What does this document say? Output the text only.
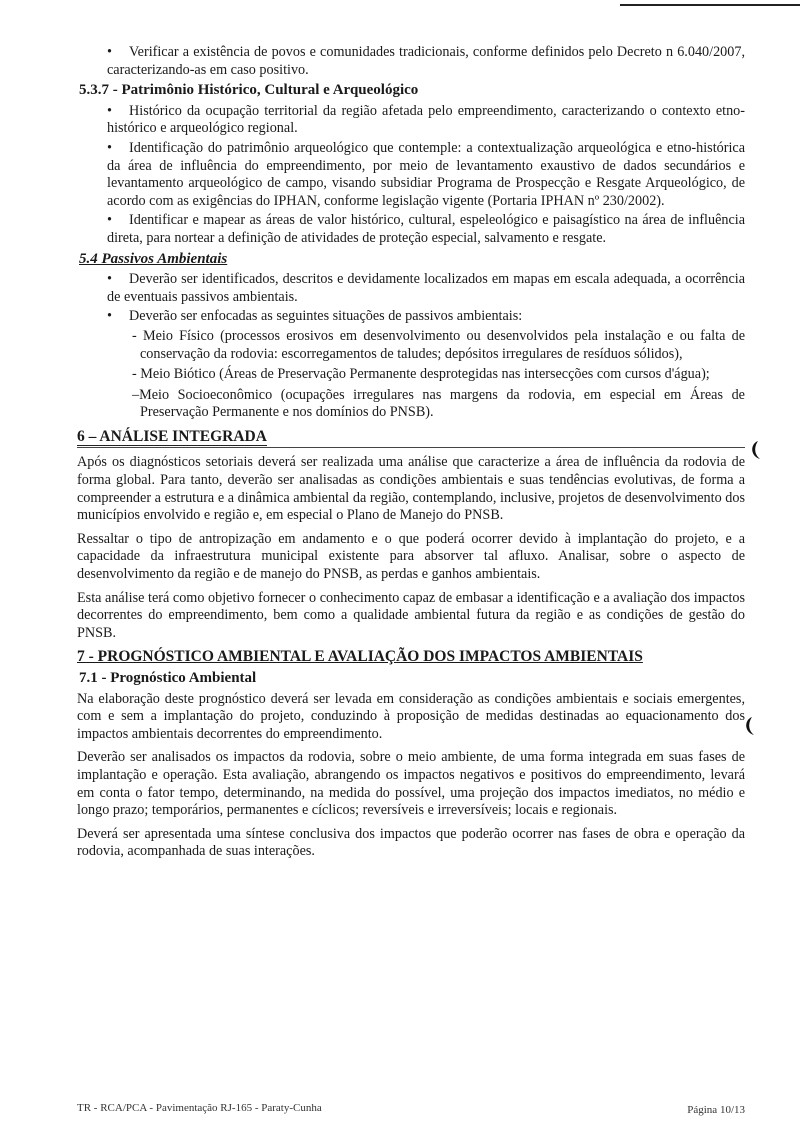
•	Verificar a existência de povos e comunidades tradicionais, conforme definidos pelo Decreto n 6.040/2007, caracterizando-as em caso positivo.
5.3.7 - Patrimônio Histórico, Cultural e Arqueológico
•	Histórico da ocupação territorial da região afetada pelo empreendimento, caracterizando o contexto etno-histórico e arqueológico regional.
•	Identificação do patrimônio arqueológico que contemple: a contextualização arqueológica e etno-histórica da área de influência do empreendimento, por meio de levantamento exaustivo de dados secundários e levantamento arqueológico de campo, visando subsidiar Programa de Prospecção e Resgate Arqueológico, de acordo com as exigências do IPHAN, conforme legislação vigente (Portaria IPHAN nº 230/2002).
•	Identificar e mapear as áreas de valor histórico, cultural, espeleológico e paisagístico na área de influência direta, para nortear a definição de atividades de proteção especial, salvamento e resgate.
5.4 Passivos Ambientais
•	Deverão ser identificados, descritos e devidamente localizados em mapas em escala adequada, a ocorrência de eventuais passivos ambientais.
•	Deverão ser enfocadas as seguintes situações de passivos ambientais:
- Meio Físico (processos erosivos em desenvolvimento ou desenvolvidos pela instalação e ou falta de conservação da rodovia: escorregamentos de taludes; depósitos irregulares de resíduos sólidos),
- Meio Biótico (Áreas de Preservação Permanente desprotegidas nas intersecções com cursos d'água);
–Meio Socioeconômico (ocupações irregulares nas margens da rodovia, em especial em Áreas de Preservação Permanente e nos domínios do PNSB).
6 – ANÁLISE INTEGRADA

Após os diagnósticos setoriais deverá ser realizada uma análise que caracterize a área de influência da rodovia de forma global. Para tanto, deverão ser analisadas as condições ambientais e suas tendências evolutivas, de forma a compreender a estrutura e a dinâmica ambiental da região, contemplando, inclusive, projetos de desenvolvimento dos municípios envolvido e região e, em especial o Plano de Manejo do PNSB.

Ressaltar o tipo de antropização em andamento e o que poderá ocorrer devido à implantação do projeto, e a capacidade da infraestrutura municipal existente para absorver tal afluxo. Analisar, sobre o aspecto de desenvolvimento da região e de manejo do PNSB, as perdas e ganhos ambientais.

Esta análise terá como objetivo fornecer o conhecimento capaz de embasar a identificação e a avaliação dos impactos decorrentes do empreendimento, bem como a qualidade ambiental futura da região e as condições de gestão do PNSB.

7 - PROGNÓSTICO AMBIENTAL E AVALIAÇÃO DOS IMPACTOS AMBIENTAIS
7.1 - Prognóstico Ambiental

Na elaboração deste prognóstico deverá ser levada em consideração as condições ambientais e sociais emergentes, com e sem a implantação do projeto, conduzindo à proposição de medidas destinadas ao equacionamento dos impactos ambientais decorrentes do empreendimento.

Deverão ser analisados os impactos da rodovia, sobre o meio ambiente, de uma forma integrada em suas fases de implantação e operação. Esta avaliação, abrangendo os impactos negativos e positivos do empreendimento, levará em conta o fator tempo, determinando, na medida do possível, uma projeção dos impactos imediatos, no médio e longo prazo; temporários, permanentes e cíclicos; reversíveis e irreversíveis; locais e regionais.

Deverá ser apresentada uma síntese conclusiva dos impactos que poderão ocorrer nas fases de obra e operação da rodovia, acompanhada de suas interações.

TR - RCA/PCA - Pavimentação RJ-165 - Paraty-Cunha	Página 10/13
